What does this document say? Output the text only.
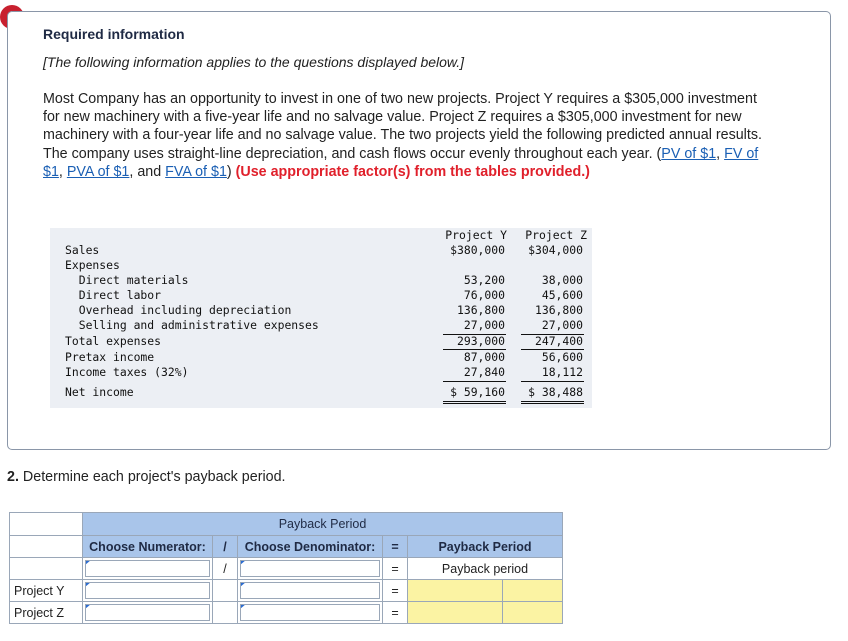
Required information
[The following information applies to the questions displayed below.]
Most Company has an opportunity to invest in one of two new projects. Project Y requires a $305,000 investment for new machinery with a five-year life and no salvage value. Project Z requires a $305,000 investment for new machinery with a four-year life and no salvage value. The two projects yield the following predicted annual results. The company uses straight-line depreciation, and cash flows occur evenly throughout each year. (PV of $1, FV of $1, PVA of $1, and FVA of $1) (Use appropriate factor(s) from the tables provided.)
Project Y	Project Z
Sales	$380,000	$304,000
Expenses
Direct materials	53,200	38,000
Direct labor	76,000	45,600
Overhead including depreciation	136,800	136,800
Selling and administrative expenses	27,000	27,000
Total expenses	293,000	247,400
Pretax income	87,000	56,600
Income taxes (32%)	27,840	18,112
Net income	$ 59,160	$ 38,488
2. Determine each project's payback period.
	Payback Period					
	Choose Numerator:	/	Choose Denominator:	=	Payback Period	

	/		=	Payback period	
Project Y				=		
Project Z				=		
